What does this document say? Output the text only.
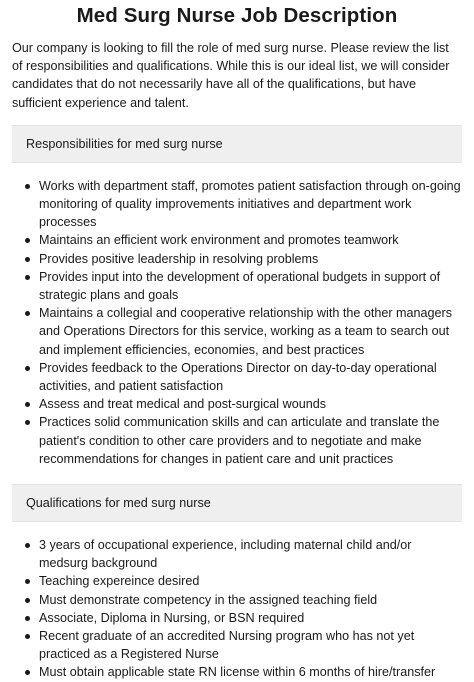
Med Surg Nurse Job Description

Our company is looking to fill the role of med surg nurse. Please review the list of responsibilities and qualifications. While this is our ideal list, we will consider candidates that do not necessarily have all of the qualifications, but have sufficient experience and talent.

Responsibilities for med surg nurse
Works with department staff, promotes patient satisfaction through on-going monitoring of quality improvements initiatives and department work processes
Maintains an efficient work environment and promotes teamwork
Provides positive leadership in resolving problems
Provides input into the development of operational budgets in support of strategic plans and goals
Maintains a collegial and cooperative relationship with the other managers and Operations Directors for this service, working as a team to search out and implement efficiencies, economies, and best practices
Provides feedback to the Operations Director on day-to-day operational activities, and patient satisfaction
Assess and treat medical and post-surgical wounds
Practices solid communication skills and can articulate and translate the patient's condition to other care providers and to negotiate and make recommendations for changes in patient care and unit practices
Qualifications for med surg nurse
3 years of occupational experience, including maternal child and/or medsurg background
Teaching expereince desired
Must demonstrate competency in the assigned teaching field
Associate, Diploma in Nursing, or BSN required
Recent graduate of an accredited Nursing program who has not yet practiced as a Registered Nurse
Must obtain applicable state RN license within 6 months of hire/transfer
